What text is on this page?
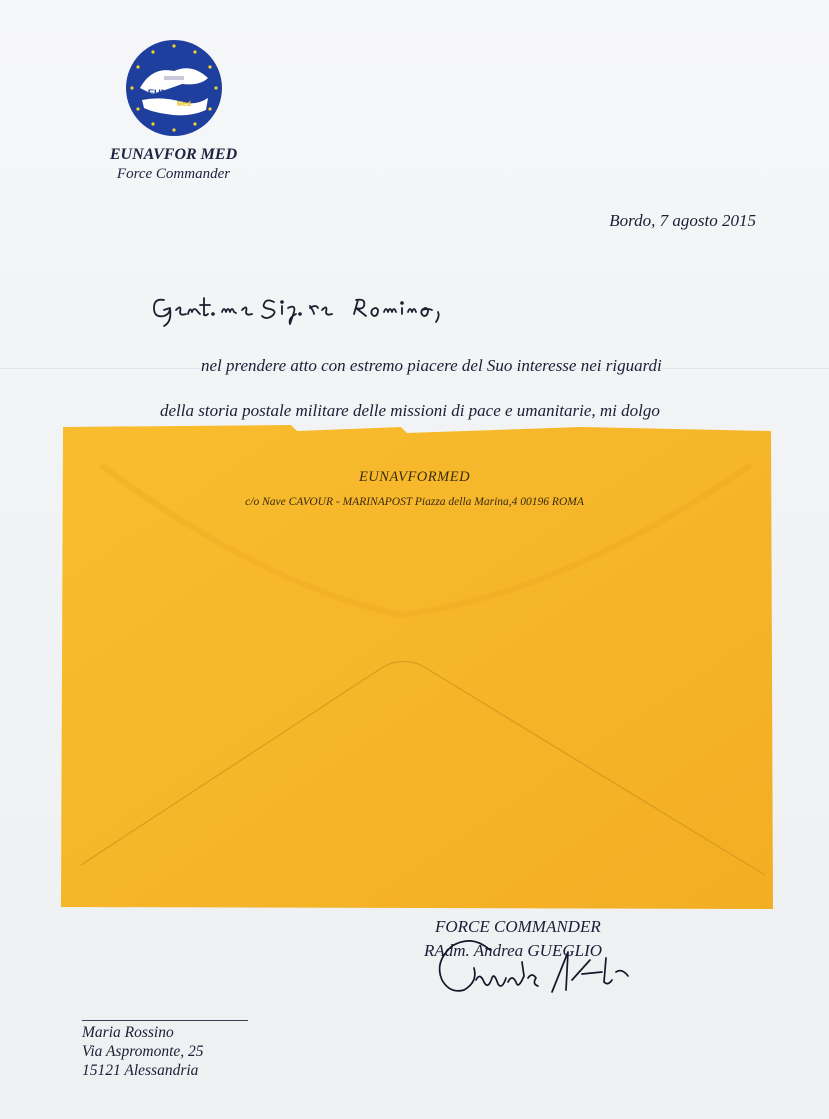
EUNAVFOR
Med
EUNAVFOR MED
Force Commander
Bordo, 7 agosto 2015
nel prendere atto con estremo piacere del Suo interesse nei riguardi
della storia postale militare delle missioni di pace e umanitarie, mi dolgo
EUNAVFORMED
c/o Nave CAVOUR - MARINAPOST Piazza della Marina,4 00196 ROMA
FORCE COMMANDER
RAdm. Andrea GUEGLIO
Maria Rossino
Via Aspromonte, 25
15121 Alessandria
